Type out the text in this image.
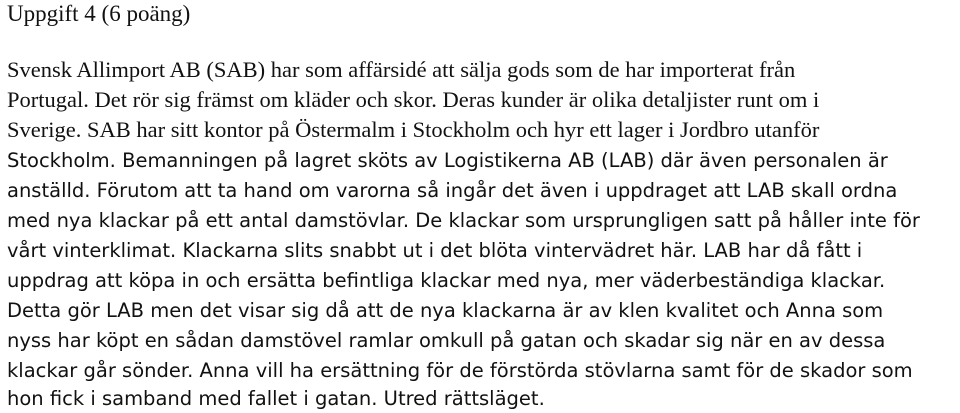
Uppgift 4 (6 poäng)
Svensk Allimport AB (SAB) har som affärsidé att sälja gods som de har importerat från
Portugal. Det rör sig främst om kläder och skor. Deras kunder är olika detaljister runt om i
Sverige. SAB har sitt kontor på Östermalm i Stockholm och hyr ett lager i Jordbro utanför
Stockholm. Bemanningen på lagret sköts av Logistikerna AB (LAB) där även personalen är
anställd. Förutom att ta hand om varorna så ingår det även i uppdraget att LAB skall ordna
med nya klackar på ett antal damstövlar. De klackar som ursprungligen satt på håller inte för
vårt vinterklimat. Klackarna slits snabbt ut i det blöta vintervädret här. LAB har då fått i
uppdrag att köpa in och ersätta befintliga klackar med nya, mer väderbeständiga klackar.
Detta gör LAB men det visar sig då att de nya klackarna är av klen kvalitet och Anna som
nyss har köpt en sådan damstövel ramlar omkull på gatan och skadar sig när en av dessa
klackar går sönder. Anna vill ha ersättning för de förstörda stövlarna samt för de skador som
hon fick i samband med fallet i gatan. Utred rättsläget.
